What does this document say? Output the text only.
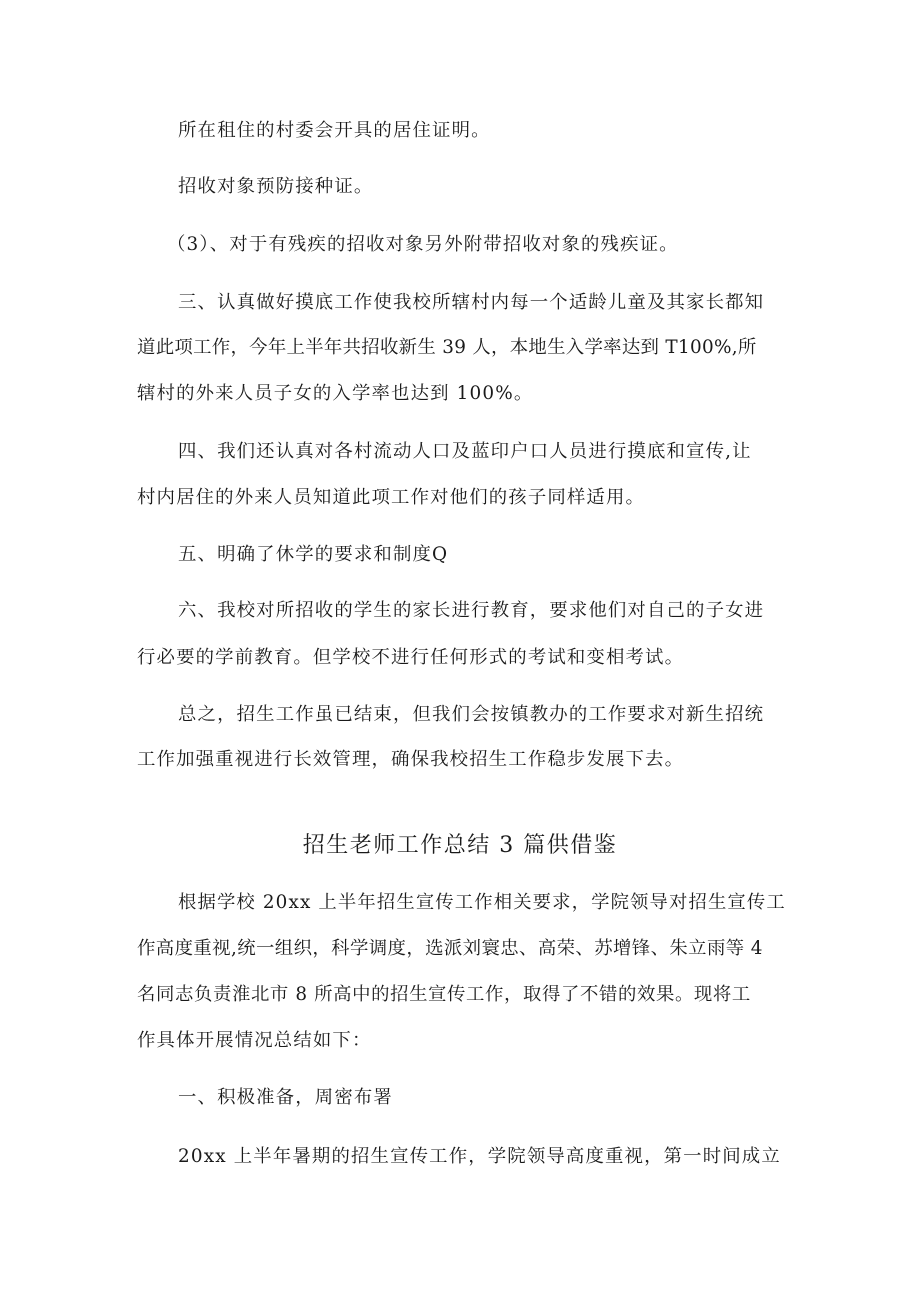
所在租住的村委会开具的居住证明。

招收对象预防接种证。

（3）、对于有残疾的招收对象另外附带招收对象的残疾证。

三、认真做好摸底工作使我校所辖村内每一个适龄儿童及其家长都知

道此项工作，今年上半年共招收新生 39 人，本地生入学率达到 T100%,所

辖村的外来人员子女的入学率也达到 100%。

四、我们还认真对各村流动人口及蓝印户口人员进行摸底和宣传,让

村内居住的外来人员知道此项工作对他们的孩子同样适用。

五、明确了休学的要求和制度Q

六、我校对所招收的学生的家长进行教育，要求他们对自己的子女进

行必要的学前教育。但学校不进行任何形式的考试和变相考试。

总之，招生工作虽已结束，但我们会按镇教办的工作要求对新生招统

工作加强重视进行长效管理，确保我校招生工作稳步发展下去。

招生老师工作总结 3 篇供借鉴

根据学校 20xx 上半年招生宣传工作相关要求，学院领导对招生宣传工

作高度重视,统一组织，科学调度，选派刘寰忠、高荣、苏增锋、朱立雨等 4

名同志负责淮北市 8 所高中的招生宣传工作，取得了不错的效果。现将工

作具体开展情况总结如下：

一、积极准备，周密布署

20xx 上半年暑期的招生宣传工作，学院领导高度重视，第一时间成立
